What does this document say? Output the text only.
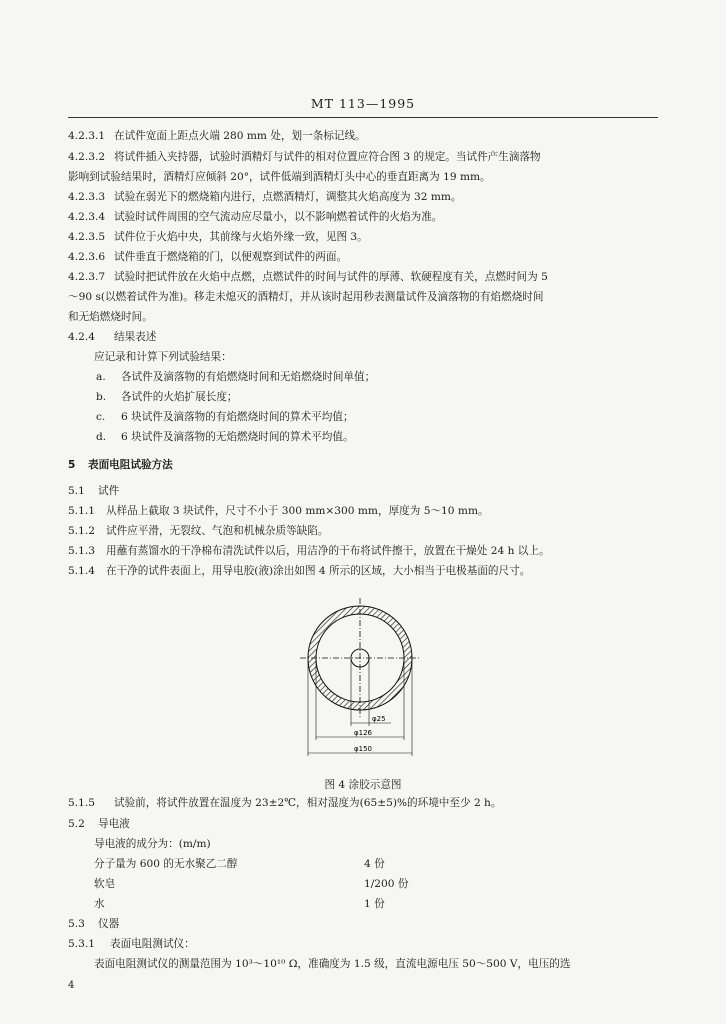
MT 113—1995
4.2.3.1 在试件宽面上距点火端 280 mm 处，划一条标记线。
4.2.3.2 将试件插入夹持器，试验时酒精灯与试件的相对位置应符合图 3 的规定。当试件产生滴落物
影响到试验结果时，酒精灯应倾斜 20°，试件低端到酒精灯头中心的垂直距离为 19 mm。
4.2.3.3 试验在弱光下的燃烧箱内进行，点燃酒精灯，调整其火焰高度为 32 mm。
4.2.3.4 试验时试件周围的空气流动应尽量小，以不影响燃着试件的火焰为准。
4.2.3.5 试件位于火焰中央，其前缘与火焰外缘一致，见图 3。
4.2.3.6 试件垂直于燃烧箱的门，以便观察到试件的两面。
4.2.3.7 试验时把试件放在火焰中点燃，点燃试件的时间与试件的厚薄、软硬程度有关，点燃时间为 5
～90 s(以燃着试件为准)。移走未熄灭的酒精灯，并从该时起用秒表测量试件及滴落物的有焰燃烧时间
和无焰燃烧时间。
4.2.4 结果表述
应记录和计算下列试验结果：
a. 各试件及滴落物的有焰燃烧时间和无焰燃烧时间单值；
b. 各试件的火焰扩展长度；
c. 6 块试件及滴落物的有焰燃烧时间的算术平均值；
d. 6 块试件及滴落物的无焰燃烧时间的算术平均值。
5 表面电阻试验方法
5.1 试件
5.1.1 从样品上截取 3 块试件，尺寸不小于 300 mm×300 mm，厚度为 5～10 mm。
5.1.2 试件应平滑，无裂纹、气泡和机械杂质等缺陷。
5.1.3 用蘸有蒸馏水的干净棉布清洗试件以后，用洁净的干布将试件擦干，放置在干燥处 24 h 以上。
5.1.4 在干净的试件表面上，用导电胶(液)涂出如图 4 所示的区域，大小相当于电极基面的尺寸。
φ25
φ126
φ150
图 4 涂胶示意图
5.1.5 试验前，将试件放置在温度为 23±2℃，相对湿度为(65±5)%的环境中至少 2 h。
5.2 导电液
导电液的成分为：(m/m)
分子量为 600 的无水聚乙二醇	4 份
软皂	1/200 份
水	1 份
5.3 仪器
5.3.1 表面电阻测试仪：
表面电阻测试仪的测量范围为 10³～10¹⁰ Ω，准确度为 1.5 级，直流电源电压 50～500 V，电压的选
4
